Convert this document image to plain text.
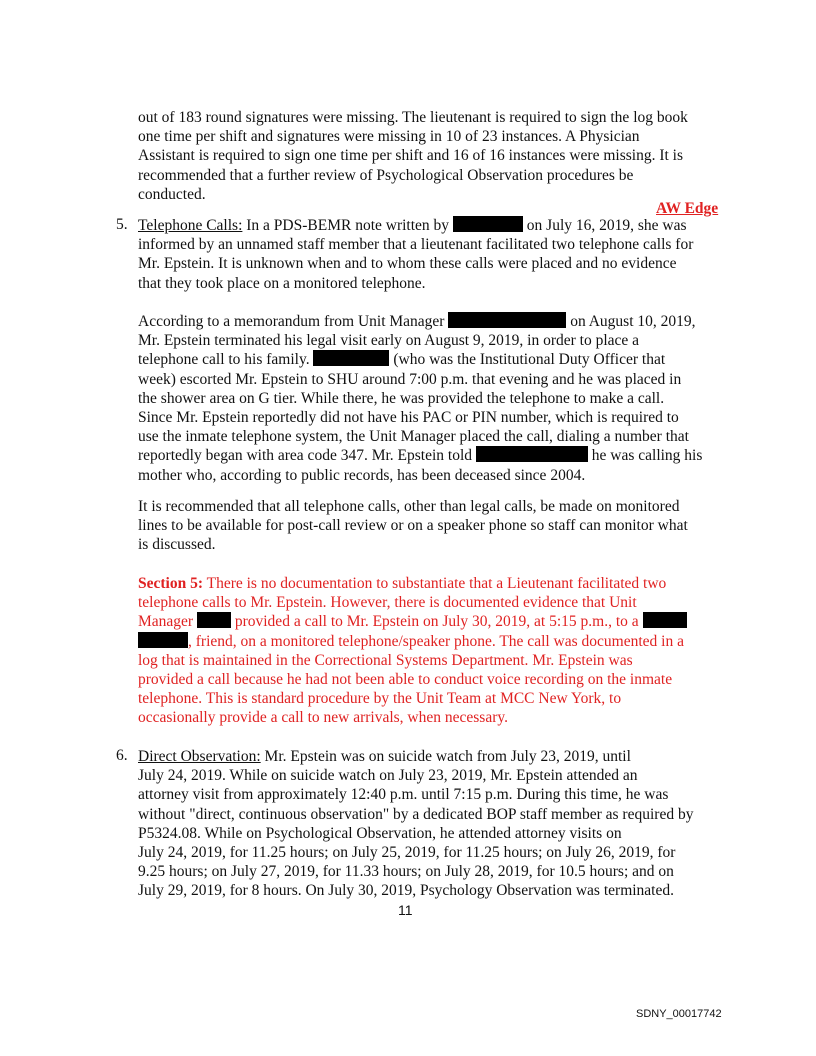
out of 183 round signatures were missing. The lieutenant is required to sign the log book
one time per shift and signatures were missing in 10 of 23 instances. A Physician
Assistant is required to sign one time per shift and 16 of 16 instances were missing. It is
recommended that a further review of Psychological Observation procedures be
conducted.
AW Edge
5. Telephone Calls: In a PDS-BEMR note written by	on July 16, 2019, she was
informed by an unnamed staff member that a lieutenant facilitated two telephone calls for
Mr. Epstein. It is unknown when and to whom these calls were placed and no evidence
that they took place on a monitored telephone.
According to a memorandum from Unit Manager	on August 10, 2019,
Mr. Epstein terminated his legal visit early on August 9, 2019, in order to place a
telephone call to his family.	(who was the Institutional Duty Officer that
week) escorted Mr. Epstein to SHU around 7:00 p.m. that evening and he was placed in
the shower area on G tier. While there, he was provided the telephone to make a call.
Since Mr. Epstein reportedly did not have his PAC or PIN number, which is required to
use the inmate telephone system, the Unit Manager placed the call, dialing a number that
reportedly began with area code 347. Mr. Epstein told	he was calling his
mother who, according to public records, has been deceased since 2004.
It is recommended that all telephone calls, other than legal calls, be made on monitored
lines to be available for post-call review or on a speaker phone so staff can monitor what
is discussed.
Section 5: There is no documentation to substantiate that a Lieutenant facilitated two
telephone calls to Mr. Epstein. However, there is documented evidence that Unit
Manager  provided a call to Mr. Epstein on July 30, 2019, at 5:15 p.m., to a
, friend, on a monitored telephone/speaker phone. The call was documented in a
log that is maintained in the Correctional Systems Department. Mr. Epstein was
provided a call because he had not been able to conduct voice recording on the inmate
telephone. This is standard procedure by the Unit Team at MCC New York, to
occasionally provide a call to new arrivals, when necessary.
6. Direct Observation: Mr. Epstein was on suicide watch from July 23, 2019, until
July 24, 2019. While on suicide watch on July 23, 2019, Mr. Epstein attended an
attorney visit from approximately 12:40 p.m. until 7:15 p.m. During this time, he was
without "direct, continuous observation" by a dedicated BOP staff member as required by
P5324.08. While on Psychological Observation, he attended attorney visits on
July 24, 2019, for 11.25 hours; on July 25, 2019, for 11.25 hours; on July 26, 2019, for
9.25 hours; on July 27, 2019, for 11.33 hours; on July 28, 2019, for 10.5 hours; and on
July 29, 2019, for 8 hours. On July 30, 2019, Psychology Observation was terminated.
11
SDNY_00017742
